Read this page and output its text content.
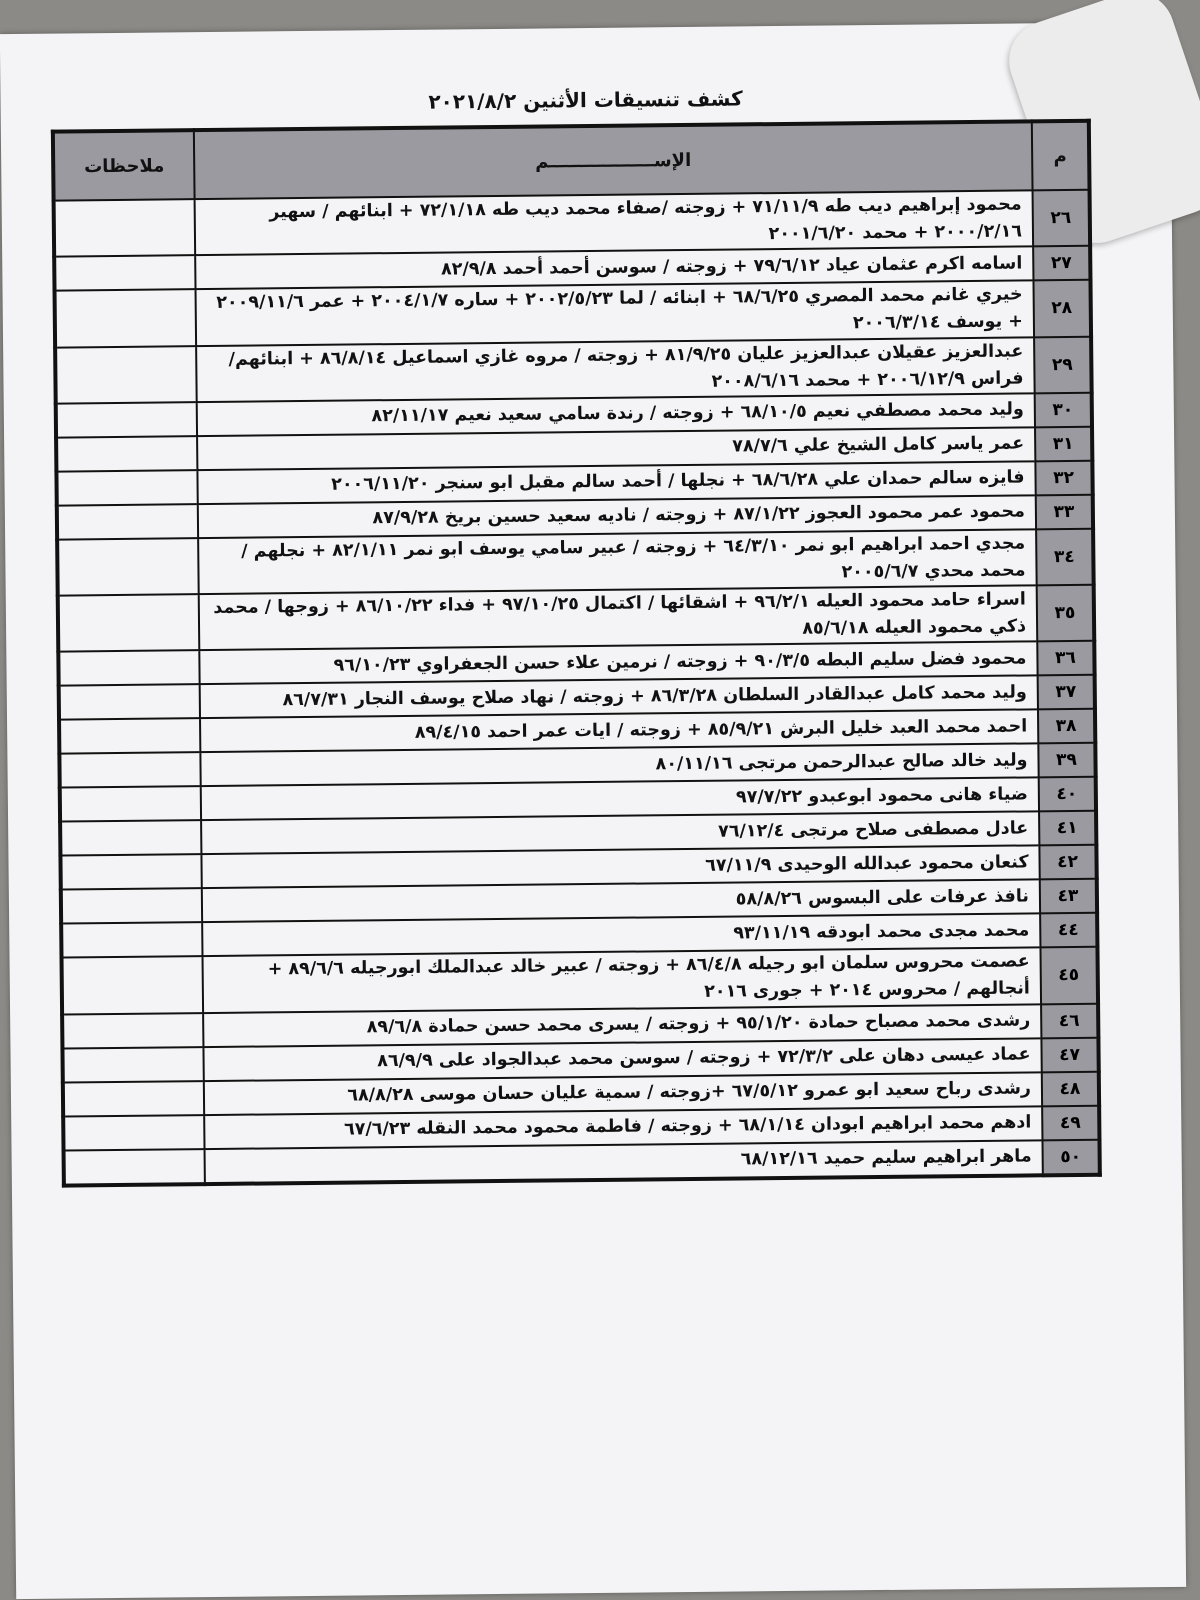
كشف تنسيقات الأثنين ٢٠٢١/٨/٢
م	الإســـــــــــــــــم	ملاحظات
٢٦	محمود إبراهيم ديب طه ٧١/١١/٩ + زوجته /صفاء محمد ديب طه ٧٢/١/١٨ + ابنائهم / سهير ٢٠٠٠/٢/١٦ + محمد ٢٠٠١/٦/٢٠	
٢٧	اسامه اكرم عثمان عياد ٧٩/٦/١٢ + زوجته / سوسن أحمد أحمد ٨٢/٩/٨	
٢٨	خيري غانم محمد المصري ٦٨/٦/٢٥ + ابنائه / لما ٢٠٠٢/٥/٢٣ + ساره ٢٠٠٤/١/٧ + عمر ٢٠٠٩/١١/٦ + يوسف ٢٠٠٦/٣/١٤	
٢٩	عبدالعزيز عقيلان عبدالعزيز عليان ٨١/٩/٢٥ + زوجته / مروه غازي اسماعيل ٨٦/٨/١٤ + ابنائهم/ فراس ٢٠٠٦/١٢/٩ + محمد ٢٠٠٨/٦/١٦	
٣٠	وليد محمد مصطفي نعيم ٦٨/١٠/٥ + زوجته / رندة سامي سعيد نعيم ٨٢/١١/١٧	
٣١	عمر ياسر كامل الشيخ علي ٧٨/٧/٦	
٣٢	فايزه سالم حمدان علي ٦٨/٦/٢٨ + نجلها / أحمد سالم مقبل ابو سنجر ٢٠٠٦/١١/٢٠	
٣٣	محمود عمر محمود العجوز ٨٧/١/٢٢ + زوجته / ناديه سعيد حسين بريخ ٨٧/٩/٢٨	
٣٤	مجدي احمد ابراهيم ابو نمر ٦٤/٣/١٠ + زوجته / عبير سامي يوسف ابو نمر ٨٢/١/١١ + نجلهم / محمد محدي ٢٠٠٥/٦/٧	
٣٥	اسراء حامد محمود العيله ٩٦/٢/١ + اشقائها / اكتمال ٩٧/١٠/٢٥ + فداء ٨٦/١٠/٢٢ + زوجها / محمد ذكي محمود العيله ٨٥/٦/١٨	
٣٦	محمود فضل سليم البطه ٩٠/٣/٥ + زوجته / نرمين علاء حسن الجعفراوي ٩٦/١٠/٢٣	
٣٧	وليد محمد كامل عبدالقادر السلطان ٨٦/٣/٢٨ + زوجته / نهاد صلاح يوسف النجار ٨٦/٧/٣١	
٣٨	احمد محمد العبد خليل البرش ٨٥/٩/٢١ + زوجته / ايات عمر احمد ٨٩/٤/١٥	
٣٩	وليد خالد صالح عبدالرحمن مرتجى ٨٠/١١/١٦	
٤٠	ضياء هانى محمود ابوعبدو ٩٧/٧/٢٢	
٤١	عادل مصطفى صلاح مرتجى ٧٦/١٢/٤	
٤٢	كنعان محمود عبدالله الوحيدى ٦٧/١١/٩	
٤٣	نافذ عرفات على البسوس ٥٨/٨/٢٦	
٤٤	محمد مجدى محمد ابودقه ٩٣/١١/١٩	
٤٥	عصمت محروس سلمان ابو رجيله ٨٦/٤/٨ + زوجته / عبير خالد عبدالملك ابورجيله ٨٩/٦/٦ + أنجالهم / محروس ٢٠١٤ + جورى ٢٠١٦	
٤٦	رشدى محمد مصباح حمادة ٩٥/١/٢٠ + زوجته / يسرى محمد حسن حمادة ٨٩/٦/٨	
٤٧	عماد عيسى دهان على ٧٢/٣/٢ + زوجته / سوسن محمد عبدالجواد على ٨٦/٩/٩	
٤٨	رشدى رباح سعيد ابو عمرو ٦٧/٥/١٢ +زوجته / سمية عليان حسان موسى ٦٨/٨/٢٨	
٤٩	ادهم محمد ابراهيم ابودان ٦٨/١/١٤ + زوجته / فاطمة محمود محمد النقله ٦٧/٦/٢٣	
٥٠	ماهر ابراهيم سليم حميد ٦٨/١٢/١٦	
